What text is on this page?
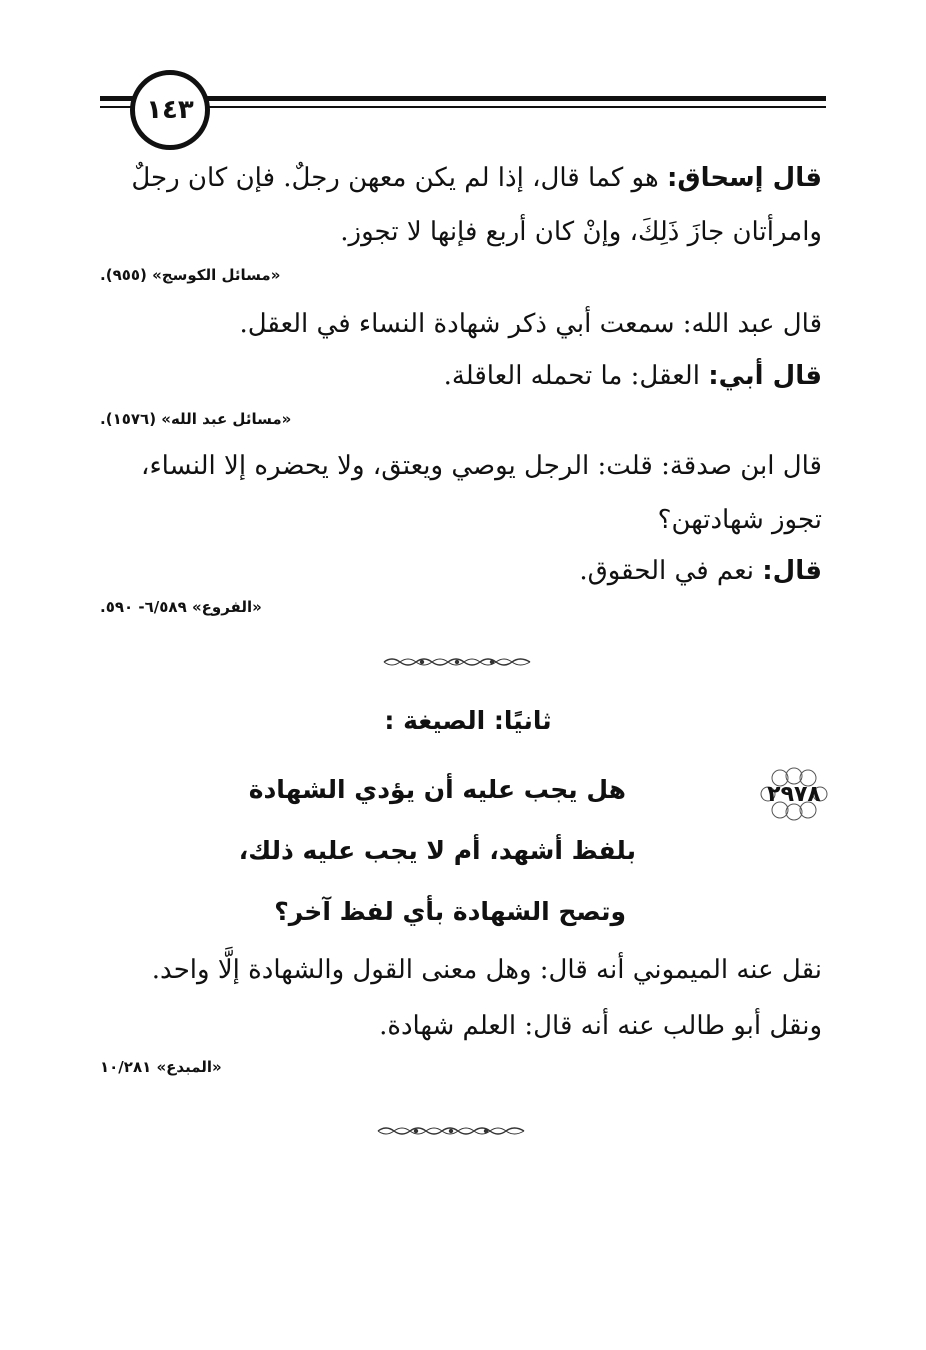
١٤٣
قال إسحاق: هو كما قال، إذا لم يكن معهن رجلٌ. فإن كان رجلٌ
وامرأتان جازَ ذَلِكَ، وإنْ كان أربع فإنها لا تجوز.
«مسائل الكوسج» (٩٥٥).
قال عبد الله: سمعت أبي ذكر شهادة النساء في العقل.
قال أبي: العقل: ما تحمله العاقلة.
«مسائل عبد الله» (١٥٧٦).
قال ابن صدقة: قلت: الرجل يوصي ويعتق، ولا يحضره إلا النساء،
تجوز شهادتهن؟
قال: نعم في الحقوق.
«الفروع» ٦/٥٨٩- ٥٩٠.
ثانيًا: الصيغة :
٢٩٧٨
هل يجب عليه أن يؤدي الشهادة
بلفظ أشهد، أم لا يجب عليه ذلك،
وتصح الشهادة بأي لفظ آخر؟
نقل عنه الميموني أنه قال: وهل معنى القول والشهادة إلَّا واحد.
ونقل أبو طالب عنه أنه قال: العلم شهادة.
«المبدع» ١٠/٢٨١
